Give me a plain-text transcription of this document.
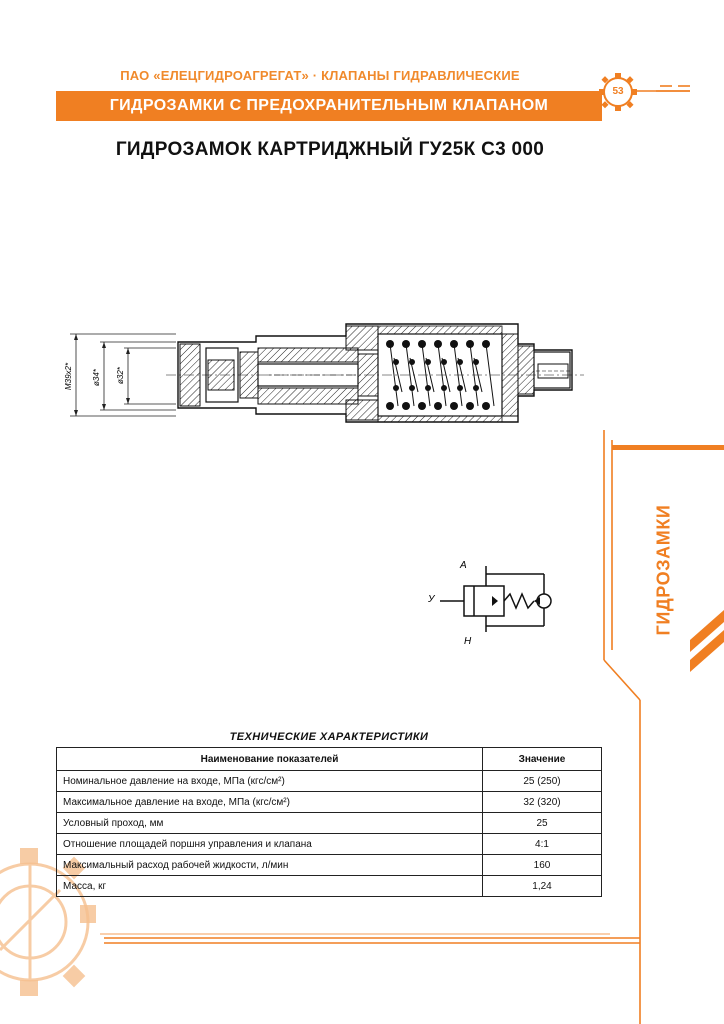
ПАО «ЕЛЕЦГИДРОАГРЕГАТ» · КЛАПАНЫ ГИДРАВЛИЧЕСКИЕ
ГИДРОЗАМКИ С ПРЕДОХРАНИТЕЛЬНЫМ КЛАПАНОМ
53
ГИДРОЗАМОК КАРТРИДЖНЫЙ ГУ25К С3 000
М39х2* ø34* ø32*
А
У
Н
ГИДРОЗАМКИ
ТЕХНИЧЕСКИЕ ХАРАКТЕРИСТИКИ
Наименование показателей	Значение
Номинальное давление на входе, МПа (кгс/см²)	25 (250)
Максимальное давление на входе, МПа (кгс/см²)	32 (320)
Условный проход, мм	25
Отношение площадей поршня управления и клапана	4:1
Максимальный расход рабочей жидкости, л/мин	160
Масса, кг	1,24
